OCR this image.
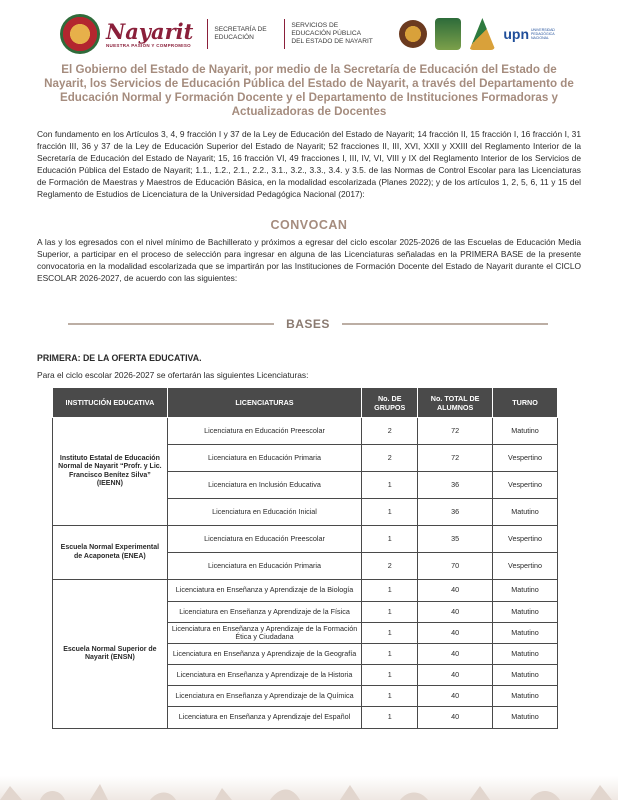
Nayarit
NUESTRA PASIÓN Y COMPROMISO
SECRETARÍA DE
EDUCACIÓN
SERVICIOS DE
EDUCACIÓN PÚBLICA
DEL ESTADO DE NAYARIT	upn UNIVERSIDAD PEDAGÓGICA NACIONAL
El Gobierno del Estado de Nayarit, por medio de la Secretaría de Educación del Estado de Nayarit, los Servicios de Educación Pública del Estado de Nayarit, a través del Departamento de Educación Normal y Formación Docente y el Departamento de Instituciones Formadoras y Actualizadoras de Docentes
Con fundamento en los Artículos 3, 4, 9 fracción I y 37 de la Ley de Educación del Estado de Nayarit; 14 fracción II, 15 fracción I, 16 fracción I, 31 fracción III, 36 y 37 de la Ley de Educación Superior del Estado de Nayarit; 52 fracciones II, III, XVI, XXII y XXIII del Reglamento Interior de la Secretaría de Educación del Estado de Nayarit; 15, 16 fracción VI, 49 fracciones I, III, IV, VI, VIII y IX del Reglamento Interior de los Servicios de Educación Pública del Estado de Nayarit; 1.1., 1.2., 2.1., 2.2., 3.1., 3.2., 3.3., 3.4. y 3.5. de las Normas de Control Escolar para las Licenciaturas de Formación de Maestras y Maestros de Educación Básica, en la modalidad escolarizada (Planes 2022); y de los artículos 1, 2, 5, 6, 11 y 15 del Reglamento de Estudios de Licenciatura de la Universidad Pedagógica Nacional (2017):
CONVOCAN
A las y los egresados con el nivel mínimo de Bachillerato y próximos a egresar del ciclo escolar 2025-2026 de las Escuelas de Educación Media Superior, a participar en el proceso de selección para ingresar en alguna de las Licenciaturas señaladas en la PRIMERA BASE de la presente convocatoria en la modalidad escolarizada que se impartirán por las Instituciones de Formación Docente del Estado de Nayarit durante el CICLO ESCOLAR 2026-2027, de acuerdo con las siguientes:
BASES
PRIMERA: DE LA OFERTA EDUCATIVA.
Para el ciclo escolar 2026-2027 se ofertarán las siguientes Licenciaturas:
INSTITUCIÓN EDUCATIVA	LICENCIATURAS	No. DE GRUPOS	No. TOTAL DE ALUMNOS	TURNO
Instituto Estatal de Educación Normal de Nayarit “Profr. y Lic. Francisco Benítez Silva” (IEENN)	Licenciatura en Educación Preescolar	2	72	Matutino
	Licenciatura en Educación Primaria	2	72	Vespertino
	Licenciatura en Inclusión Educativa	1	36	Vespertino
	Licenciatura en Educación Inicial	1	36	Matutino
Escuela Normal Experimental de Acaponeta (ENEA)	Licenciatura en Educación Preescolar	1	35	Vespertino
	Licenciatura en Educación Primaria	2	70	Vespertino
Escuela Normal Superior de Nayarit (ENSN)	Licenciatura en Enseñanza y Aprendizaje de la Biología	1	40	Matutino
	Licenciatura en Enseñanza y Aprendizaje de la Física	1	40	Matutino
	Licenciatura en Enseñanza y Aprendizaje de la Formación Ética y Ciudadana	1	40	Matutino
	Licenciatura en Enseñanza y Aprendizaje de la Geografía	1	40	Matutino
	Licenciatura en Enseñanza y Aprendizaje de la Historia	1	40	Matutino
	Licenciatura en Enseñanza y Aprendizaje de la Química	1	40	Matutino
	Licenciatura en Enseñanza y Aprendizaje del Español	1	40	Matutino
